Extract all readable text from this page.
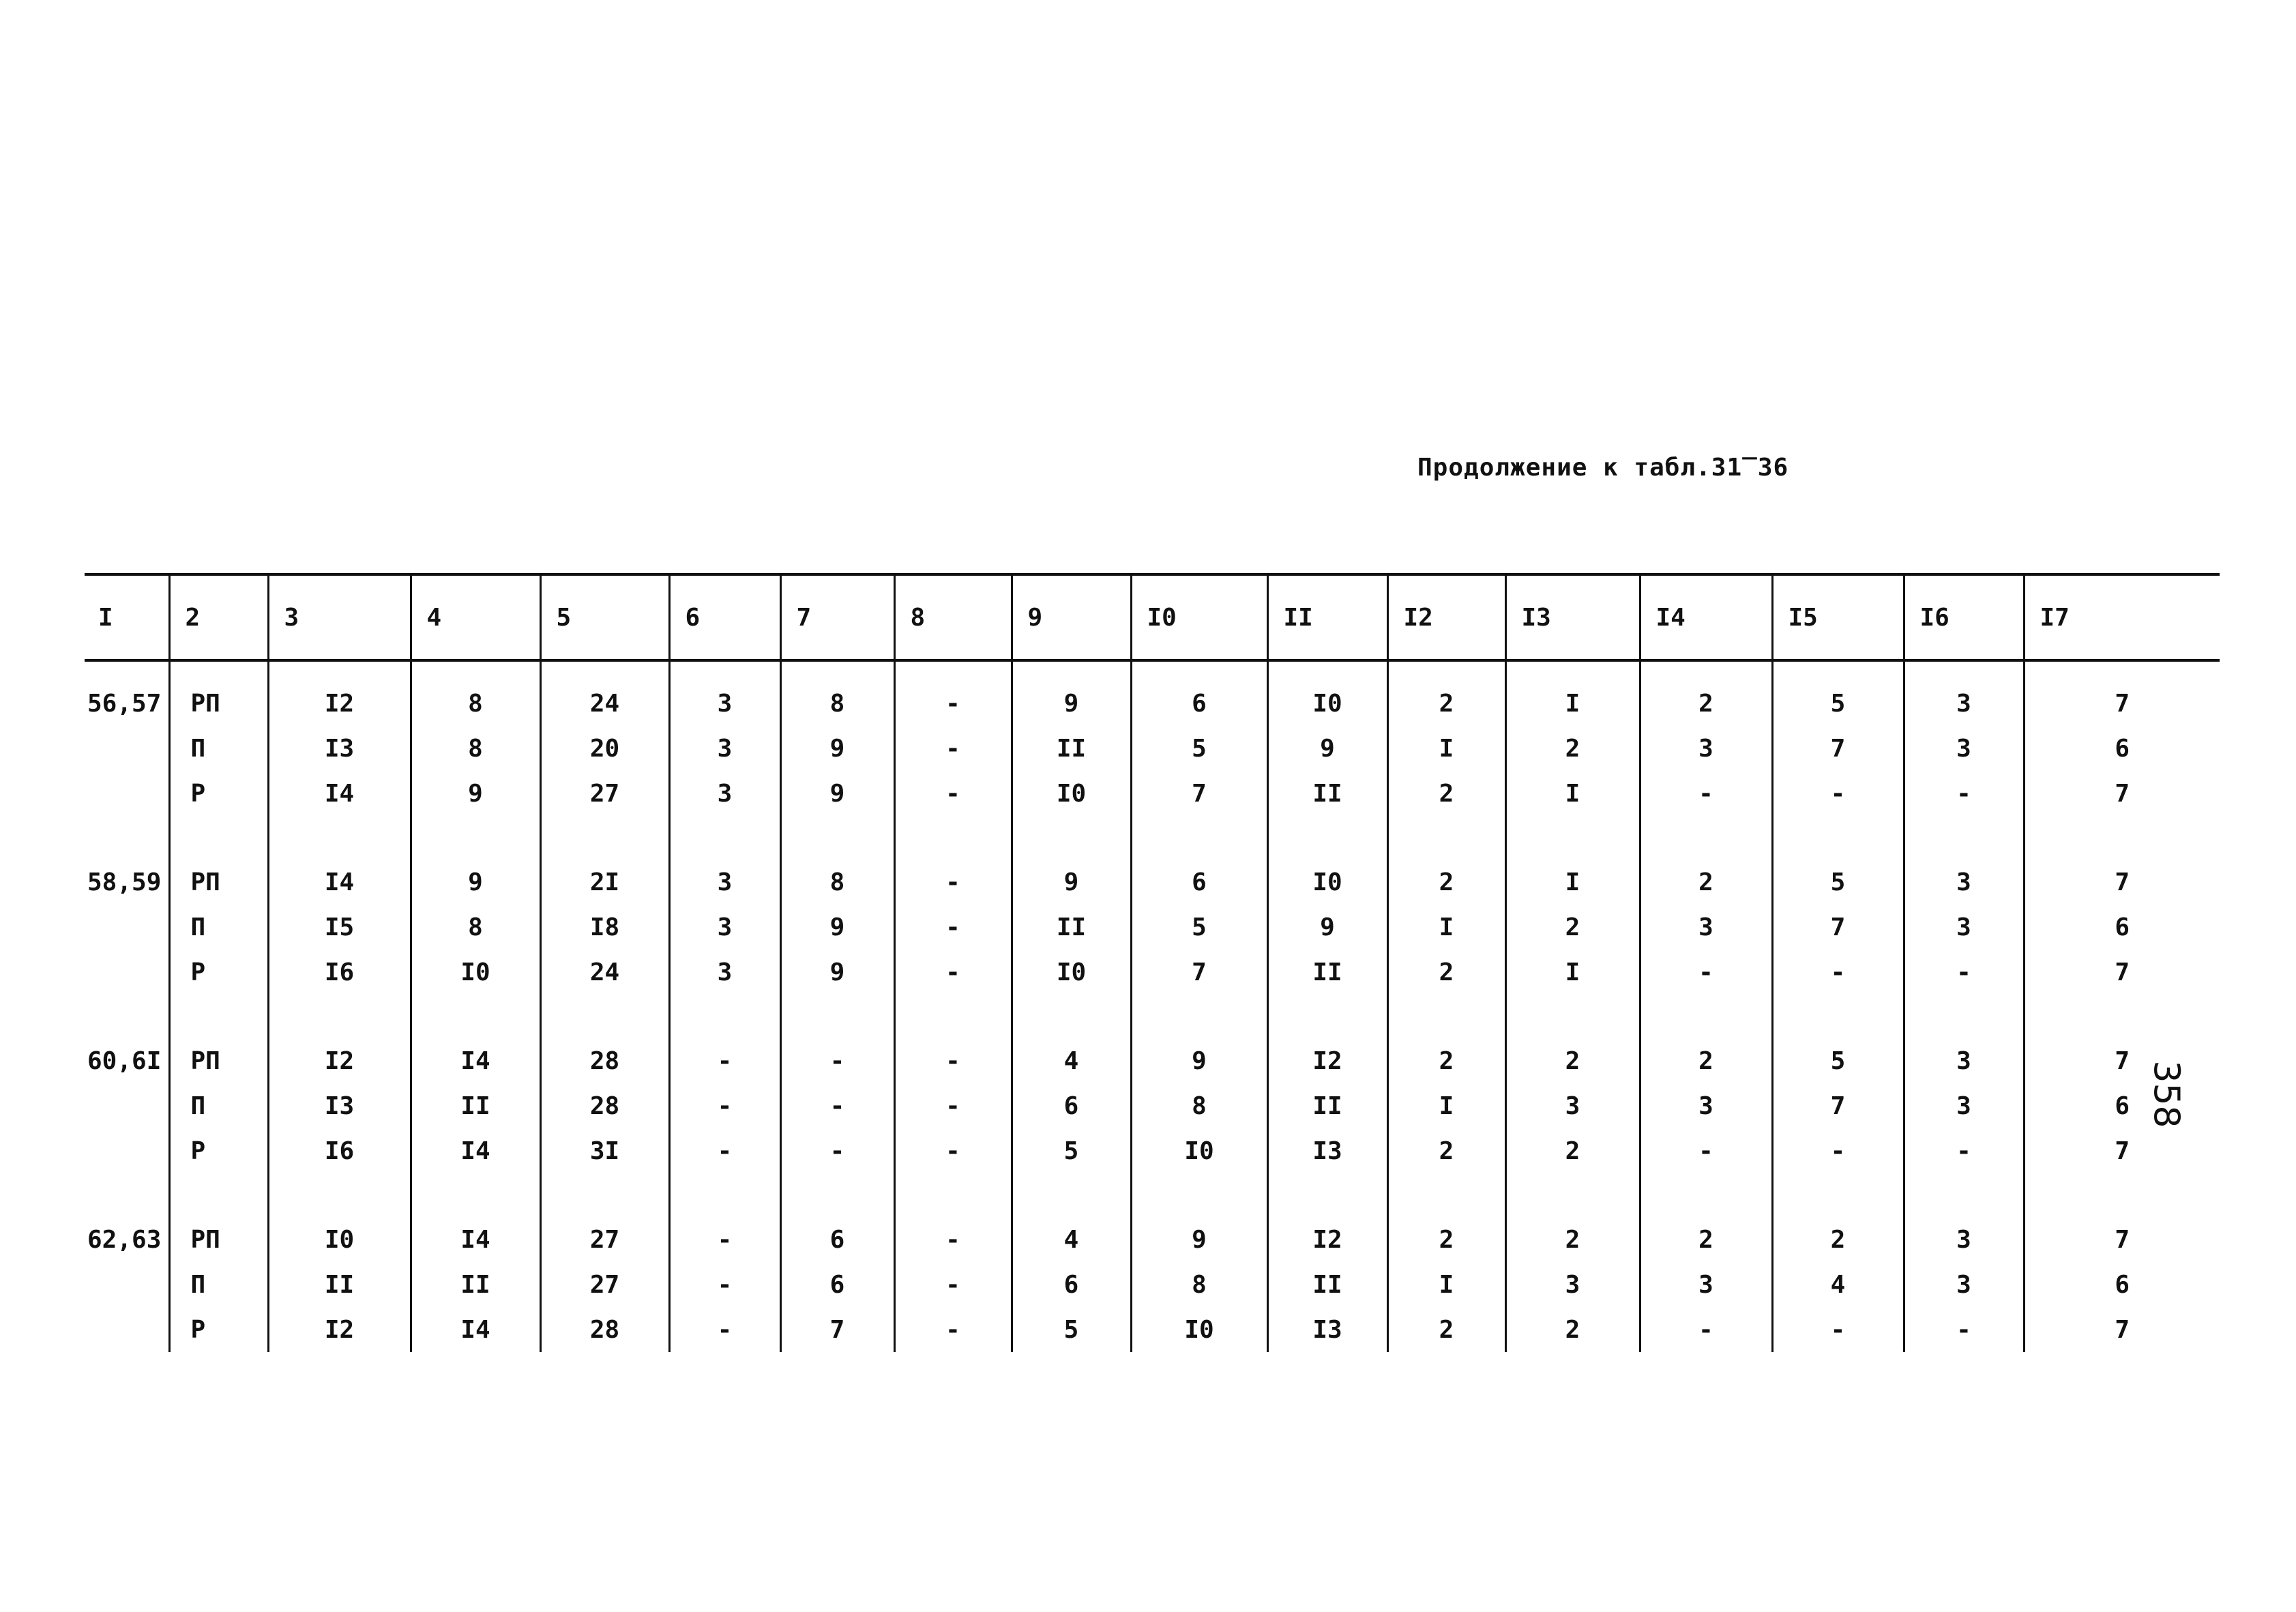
Продолжение к табл.31‾36
358
I	2	3	4	5	6	7	8	9	I0	II	I2	I3	I4	I5	I6	I7

56,57	РП	I2	8	24	3	8	-	9	6	I0	2	I	2	5	3	7
	П	I3	8	20	3	9	-	II	5	9	I	2	3	7	3	6
	Р	I4	9	27	3	9	-	I0	7	II	2	I	-	-	-	7

58,59	РП	I4	9	2I	3	8	-	9	6	I0	2	I	2	5	3	7
	П	I5	8	I8	3	9	-	II	5	9	I	2	3	7	3	6
	Р	I6	I0	24	3	9	-	I0	7	II	2	I	-	-	-	7

60,6I	РП	I2	I4	28	-	-	-	4	9	I2	2	2	2	5	3	7
	П	I3	II	28	-	-	-	6	8	II	I	3	3	7	3	6
	Р	I6	I4	3I	-	-	-	5	I0	I3	2	2	-	-	-	7

62,63	РП	I0	I4	27	-	6	-	4	9	I2	2	2	2	2	3	7
	П	II	II	27	-	6	-	6	8	II	I	3	3	4	3	6
	Р	I2	I4	28	-	7	-	5	I0	I3	2	2	-	-	-	7
